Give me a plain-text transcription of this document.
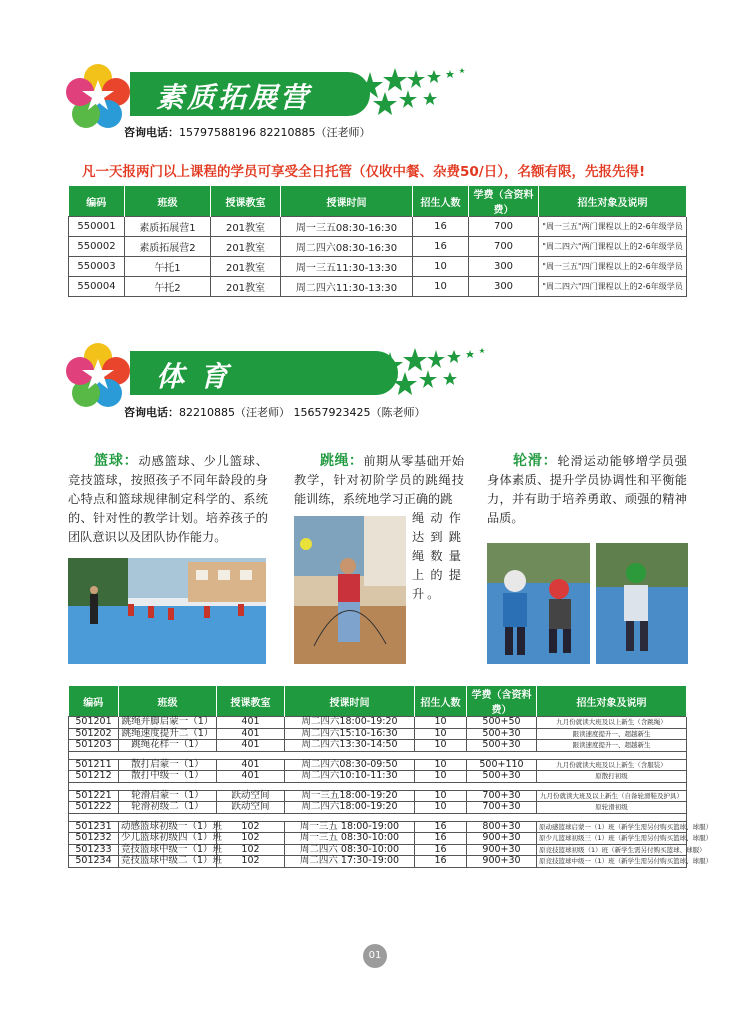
素质拓展营
咨询电话：15797588196 82210885（汪老师）
凡一天报两门以上课程的学员可享受全日托管（仅收中餐、杂费50/日），名额有限，先报先得!
编码	班级	授课教室	授课时间	招生人数	学费（含资料费）	招生对象及说明
550001	素质拓展营1	201教室	周一三五08:30-16:30	16	700	"周一三五"两门课程以上的2-6年级学员
550002	素质拓展营2	201教室	周二四六08:30-16:30	16	700	"周二四六"两门课程以上的2-6年级学员
550003	午托1	201教室	周一三五11:30-13:30	10	300	"周一三五"四门课程以上的2-6年级学员
550004	午托2	201教室	周二四六11:30-13:30	10	300	"周二四六"四门课程以上的2-6年级学员
体 育
咨询电话：82210885（汪老师） 15657923425（陈老师）
篮球：动感篮球、少儿篮球、竞技篮球，按照孩子不同年龄段的身心特点和篮球规律制定科学的、系统的、针对性的教学计划。培养孩子的团队意识以及团队协作能力。
跳绳：前期从零基础开始教学，针对初阶学员的跳绳技能训练，系统地学习正确的跳
绳动作达到跳绳数量上的提升。
轮滑：轮滑运动能够增学员强身体素质、提升学员协调性和平衡能力，并有助于培养勇敢、顽强的精神品质。
编码	班级	授课教室	授课时间	招生人数	学费（含资料费）	招生对象及说明
501201	跳绳并脚启蒙一（1）	401	周二四六18:00-19:20	10	500+50	九月份就读大班及以上新生（含跳绳）
501202	跳绳速度提升二（1）	401	周二四六15:10-16:30	10	500+30	跟读速度提升一、超越新生
501203	跳绳花样一（1）	401	周二四六13:30-14:50	10	500+30	跟读速度提升一、超越新生

501211	散打启蒙一（1）	401	周二四六08:30-09:50	10	500+110	九月份就读大班及以上新生（含服装）
501212	散打中级一（1）	401	周二四六10:10-11:30	10	500+30	原散打初级

501221	轮滑启蒙一（1）	跃动空间	周一三五18:00-19:20	10	700+30	九月份就读大班及以上新生（自备轮滑鞋及护具）
501222	轮滑初级二（1）	跃动空间	周二四六18:00-19:20	10	700+30	原轮滑初级

501231	动感篮球初级一（1）班	102	周一三五 18:00-19:00	16	800+30	原动感篮球启蒙一（1）班（新学生需另付购买篮球、球服）
501232	少儿篮球初级四（1）班	102	周一三五 08:30-10:00	16	900+30	原少儿篮球初级三（1）班（新学生需另付购买篮球、球服）
501233	竞技篮球中级一（1）班	102	周二四六 08:30-10:00	16	900+30	原竞技篮球初级（1）班（新学生需另付购买篮球、球服）
501234	竞技篮球中级二（1）班	102	周二四六 17:30-19:00	16	900+30	原竞技篮球中级一（1）班（新学生需另付购买篮球、球服）
01
